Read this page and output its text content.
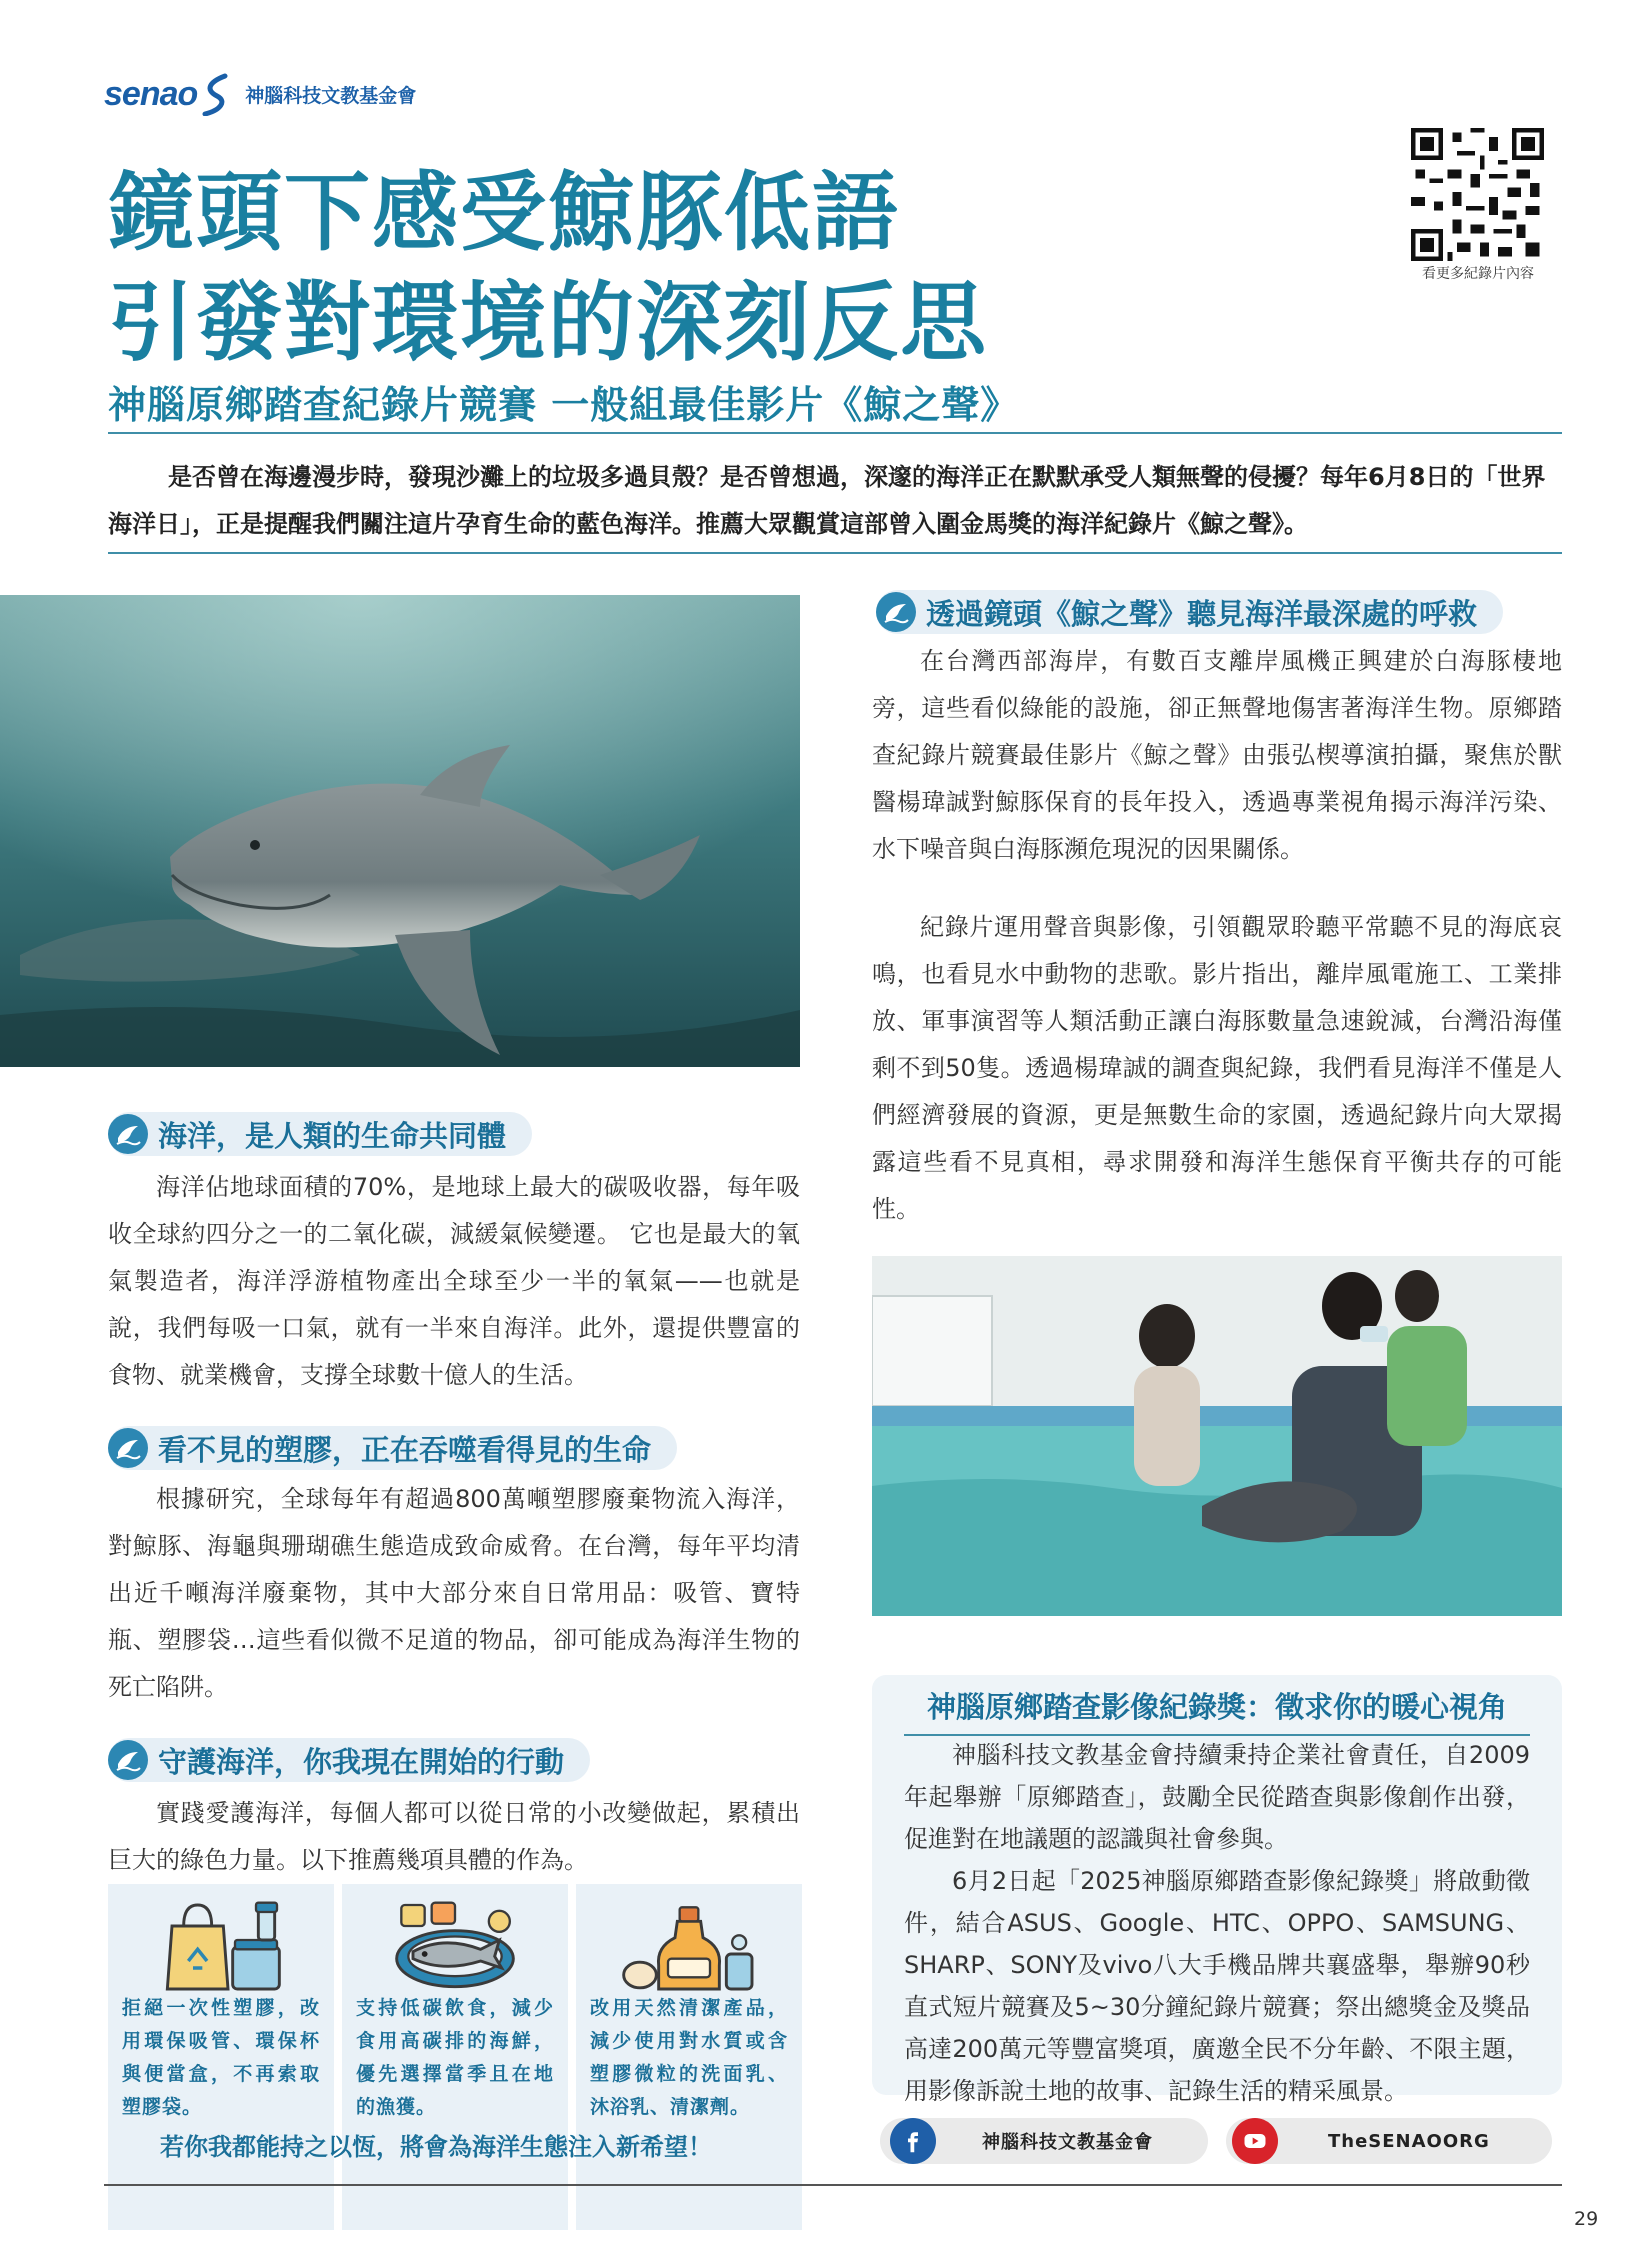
senao	神腦科技文教基金會
鏡頭下感受鯨豚低語
引發對環境的深刻反思
神腦原鄉踏查紀錄片競賽 一般組最佳影片《鯨之聲》
看更多紀錄片內容

是否曾在海邊漫步時，發現沙灘上的垃圾多過貝殼？是否曾想過，深邃的海洋正在默默承受人類無聲的侵擾？每年6月8日的「世界海洋日」，正是提醒我們關注這片孕育生命的藍色海洋。推薦大眾觀賞這部曾入圍金馬獎的海洋紀錄片《鯨之聲》。

海洋，是人類的生命共同體

海洋佔地球面積的70%，是地球上最大的碳吸收器，每年吸收全球約四分之一的二氧化碳，減緩氣候變遷。 它也是最大的氧氣製造者，海洋浮游植物產出全球至少一半的氧氣——也就是說，我們每吸一口氣，就有一半來自海洋。此外，還提供豐富的食物、就業機會，支撐全球數十億人的生活。

看不見的塑膠，正在吞噬看得見的生命

根據研究，全球每年有超過800萬噸塑膠廢棄物流入海洋，對鯨豚、海龜與珊瑚礁生態造成致命威脅。在台灣，每年平均清出近千噸海洋廢棄物，其中大部分來自日常用品：吸管、寶特瓶、塑膠袋…這些看似微不足道的物品，卻可能成為海洋生物的死亡陷阱。

守護海洋，你我現在開始的行動

實踐愛護海洋，每個人都可以從日常的小改變做起，累積出巨大的綠色力量。以下推薦幾項具體的作為。

拒絕一次性塑膠，改用環保吸管、環保杯與便當盒，不再索取塑膠袋。
支持低碳飲食，減少食用高碳排的海鮮，優先選擇當季且在地的漁獲。
改用天然清潔產品，減少使用對水質或含塑膠微粒的洗面乳、沐浴乳、清潔劑。
若你我都能持之以恆，將會為海洋生態注入新希望！
透過鏡頭《鯨之聲》聽見海洋最深處的呼救

在台灣西部海岸，有數百支離岸風機正興建於白海豚棲地旁，這些看似綠能的設施，卻正無聲地傷害著海洋生物。原鄉踏查紀錄片競賽最佳影片《鯨之聲》由張弘楔導演拍攝，聚焦於獸醫楊瑋誠對鯨豚保育的長年投入，透過專業視角揭示海洋污染、水下噪音與白海豚瀕危現況的因果關係。

紀錄片運用聲音與影像，引領觀眾聆聽平常聽不見的海底哀鳴，也看見水中動物的悲歌。影片指出，離岸風電施工、工業排放、軍事演習等人類活動正讓白海豚數量急速銳減，台灣沿海僅剩不到50隻。透過楊瑋誠的調查與紀錄，我們看見海洋不僅是人們經濟發展的資源，更是無數生命的家園，透過紀錄片向大眾揭露這些看不見真相，尋求開發和海洋生態保育平衡共存的可能性。

神腦原鄉踏查影像紀錄獎：徵求你的暖心視角

神腦科技文教基金會持續秉持企業社會責任，自2009年起舉辦「原鄉踏查」，鼓勵全民從踏查與影像創作出發，促進對在地議題的認識與社會參與。

6月2日起「2025神腦原鄉踏查影像紀錄獎」將啟動徵件，結合ASUS、Google、HTC、OPPO、SAMSUNG、SHARP、SONY及vivo八大手機品牌共襄盛舉，舉辦90秒直式短片競賽及5~30分鐘紀錄片競賽；祭出總獎金及獎品高達200萬元等豐富獎項，廣邀全民不分年齡、不限主題，用影像訴說土地的故事、記錄生活的精采風景。

神腦科技文教基金會	TheSENAOORG
29
